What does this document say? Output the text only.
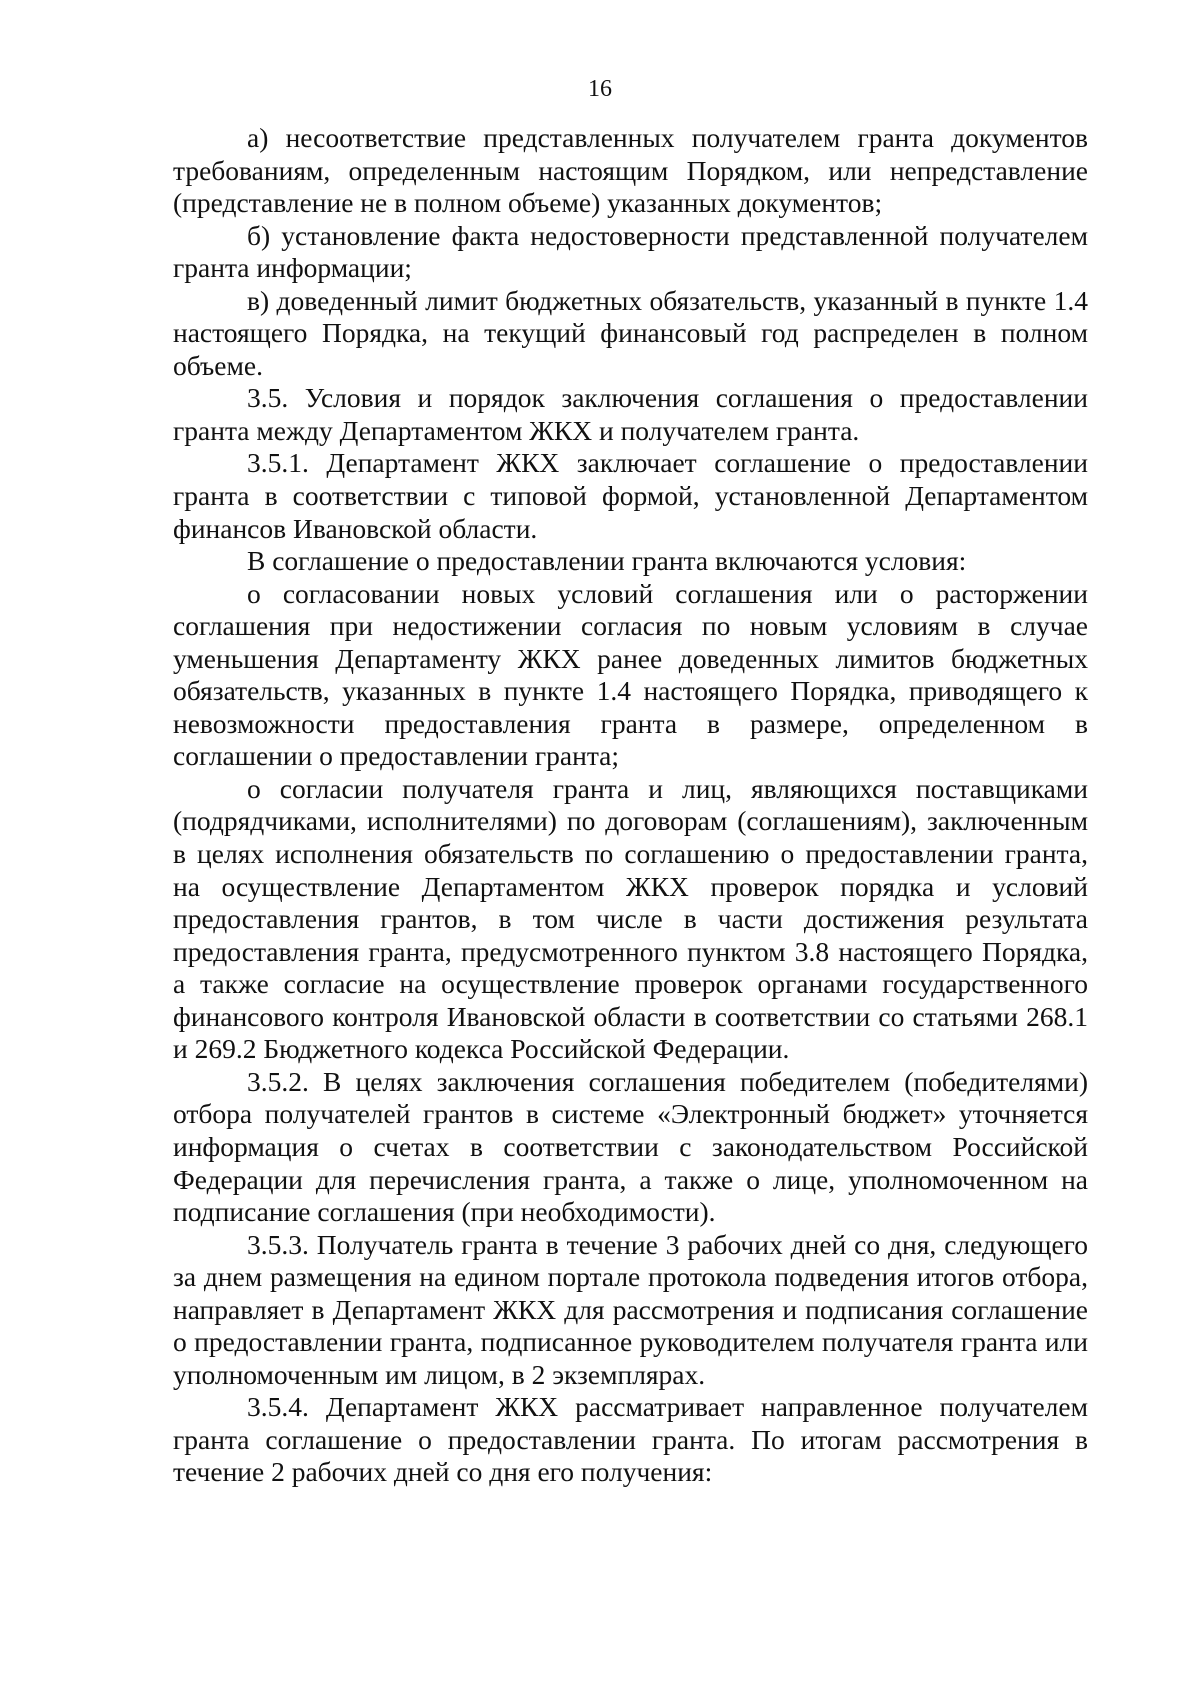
16

а) несоответствие представленных получателем гранта документов требованиям, определенным настоящим Порядком, или непредставление (представление не в полном объеме) указанных документов;

б) установление факта недостоверности представленной получателем гранта информации;

в) доведенный лимит бюджетных обязательств, указанный в пункте 1.4 настоящего Порядка, на текущий финансовый год распределен в полном объеме.

3.5. Условия и порядок заключения соглашения о предоставлении гранта между Департаментом ЖКХ и получателем гранта.

3.5.1. Департамент ЖКХ заключает соглашение о предоставлении гранта в соответствии с типовой формой, установленной Департаментом финансов Ивановской области.

В соглашение о предоставлении гранта включаются условия:

о согласовании новых условий соглашения или о расторжении соглашения при недостижении согласия по новым условиям в случае уменьшения Департаменту ЖКХ ранее доведенных лимитов бюджетных обязательств, указанных в пункте 1.4 настоящего Порядка, приводящего к невозможности предоставления гранта в размере, определенном в соглашении о предоставлении гранта;

о согласии получателя гранта и лиц, являющихся поставщиками (подрядчиками, исполнителями) по договорам (соглашениям), заключенным в целях исполнения обязательств по соглашению о предоставлении гранта, на осуществление Департаментом ЖКХ проверок порядка и условий предоставления грантов, в том числе в части достижения результата предоставления гранта, предусмотренного пунктом 3.8 настоящего Порядка, а также согласие на осуществление проверок органами государственного финансового контроля Ивановской области в соответствии со статьями 268.1 и 269.2 Бюджетного кодекса Российской Федерации.

3.5.2. В целях заключения соглашения победителем (победителями) отбора получателей грантов в системе «Электронный бюджет» уточняется информация о счетах в соответствии с законодательством Российской Федерации для перечисления гранта, а также о лице, уполномоченном на подписание соглашения (при необходимости).

3.5.3. Получатель гранта в течение 3 рабочих дней со дня, следующего за днем размещения на едином портале протокола подведения итогов отбора, направляет в Департамент ЖКХ для рассмотрения и подписания соглашение о предоставлении гранта, подписанное руководителем получателя гранта или уполномоченным им лицом, в 2 экземплярах.

3.5.4. Департамент ЖКХ рассматривает направленное получателем гранта соглашение о предоставлении гранта. По итогам рассмотрения в течение 2 рабочих дней со дня его получения:
